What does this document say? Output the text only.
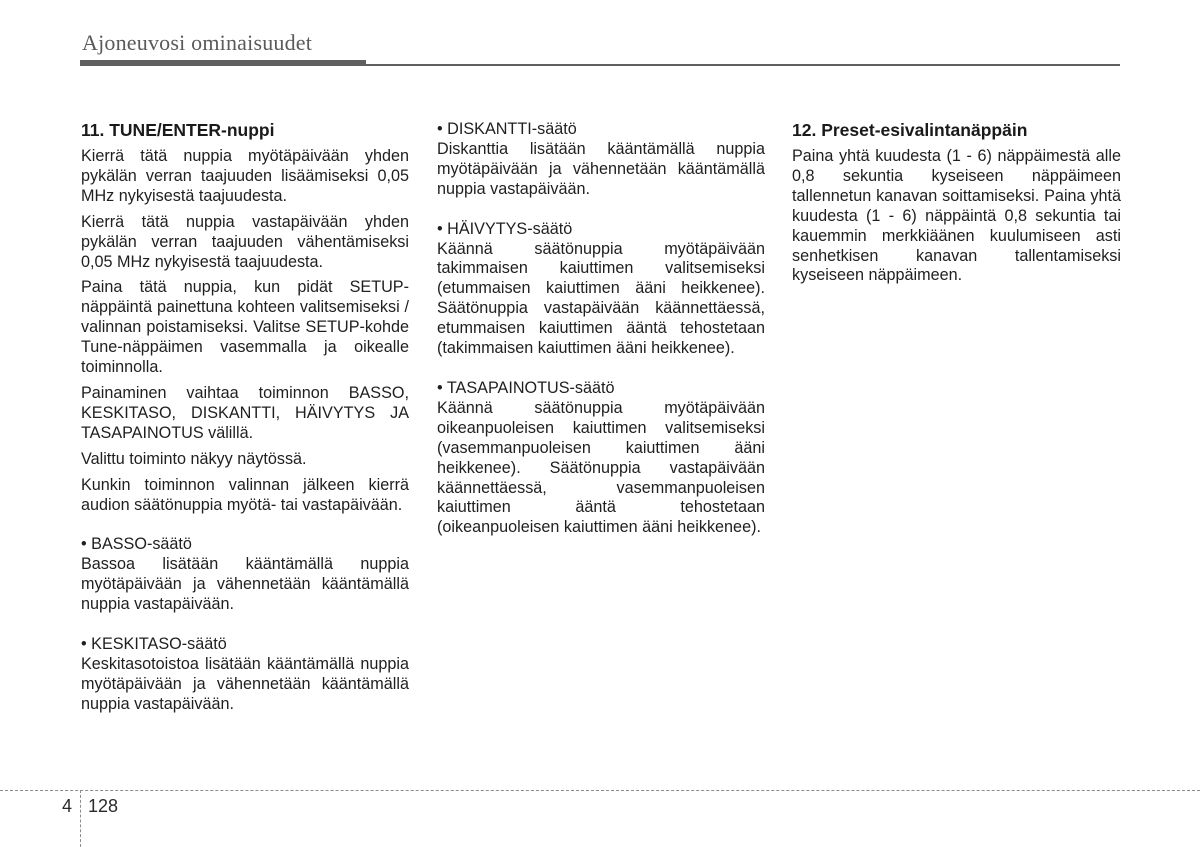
Ajoneuvosi ominaisuudet
11. TUNE/ENTER-nuppi
Kierrä tätä nuppia myötäpäivään yhden pykälän verran taajuuden lisäämiseksi 0,05 MHz nykyisestä taajuudesta.
Kierrä tätä nuppia vastapäivään yhden pykälän verran taajuuden vähentämiseksi 0,05 MHz nykyisestä taajuudesta.
Paina tätä nuppia, kun pidät SETUP-näppäintä painettuna kohteen valitsemiseksi / valinnan poistamiseksi. Valitse SETUP-kohde Tune-näppäimen vasemmalla ja oikealle toiminnolla.
Painaminen vaihtaa toiminnon BASSO, KESKITASO, DISKANTTI, HÄIVYTYS JA TASAPAINOTUS välillä.
Valittu toiminto näkyy näytössä.
Kunkin toiminnon valinnan jälkeen kierrä audion säätönuppia myötä- tai vastapäivään.
• BASSO-säätö
Bassoa lisätään kääntämällä nuppia myötäpäivään ja vähennetään kääntämällä nuppia vastapäivään.
• KESKITASO-säätö
Keskitasotoistoa lisätään kääntämällä nuppia myötäpäivään ja vähennetään kääntämällä nuppia vastapäivään.
• DISKANTTI-säätö
Diskanttia lisätään kääntämällä nuppia myötäpäivään ja vähennetään kääntämällä nuppia vastapäivään.
• HÄIVYTYS-säätö
Käännä säätönuppia myötäpäivään takimmaisen kaiuttimen valitsemiseksi (etummaisen kaiuttimen ääni heikkenee). Säätönuppia vastapäivään käännettäessä, etummaisen kaiuttimen ääntä tehostetaan (takimmaisen kaiuttimen ääni heikkenee).
• TASAPAINOTUS-säätö
Käännä säätönuppia myötäpäivään oikeanpuoleisen kaiuttimen valitsemiseksi (vasemmanpuoleisen kaiuttimen ääni heikkenee). Säätönuppia vastapäivään käännettäessä, vasemmanpuoleisen kaiuttimen ääntä tehostetaan (oikeanpuoleisen kaiuttimen ääni heikkenee).
12. Preset-esivalintanäppäin
Paina yhtä kuudesta (1 - 6) näppäimestä alle 0,8 sekuntia kyseiseen näppäimeen tallennetun kanavan soittamiseksi. Paina yhtä kuudesta (1 - 6) näppäintä 0,8 sekuntia tai kauemmin merkkiäänen kuulumiseen asti senhetkisen kanavan tallentamiseksi kyseiseen näppäimeen.
4 128
